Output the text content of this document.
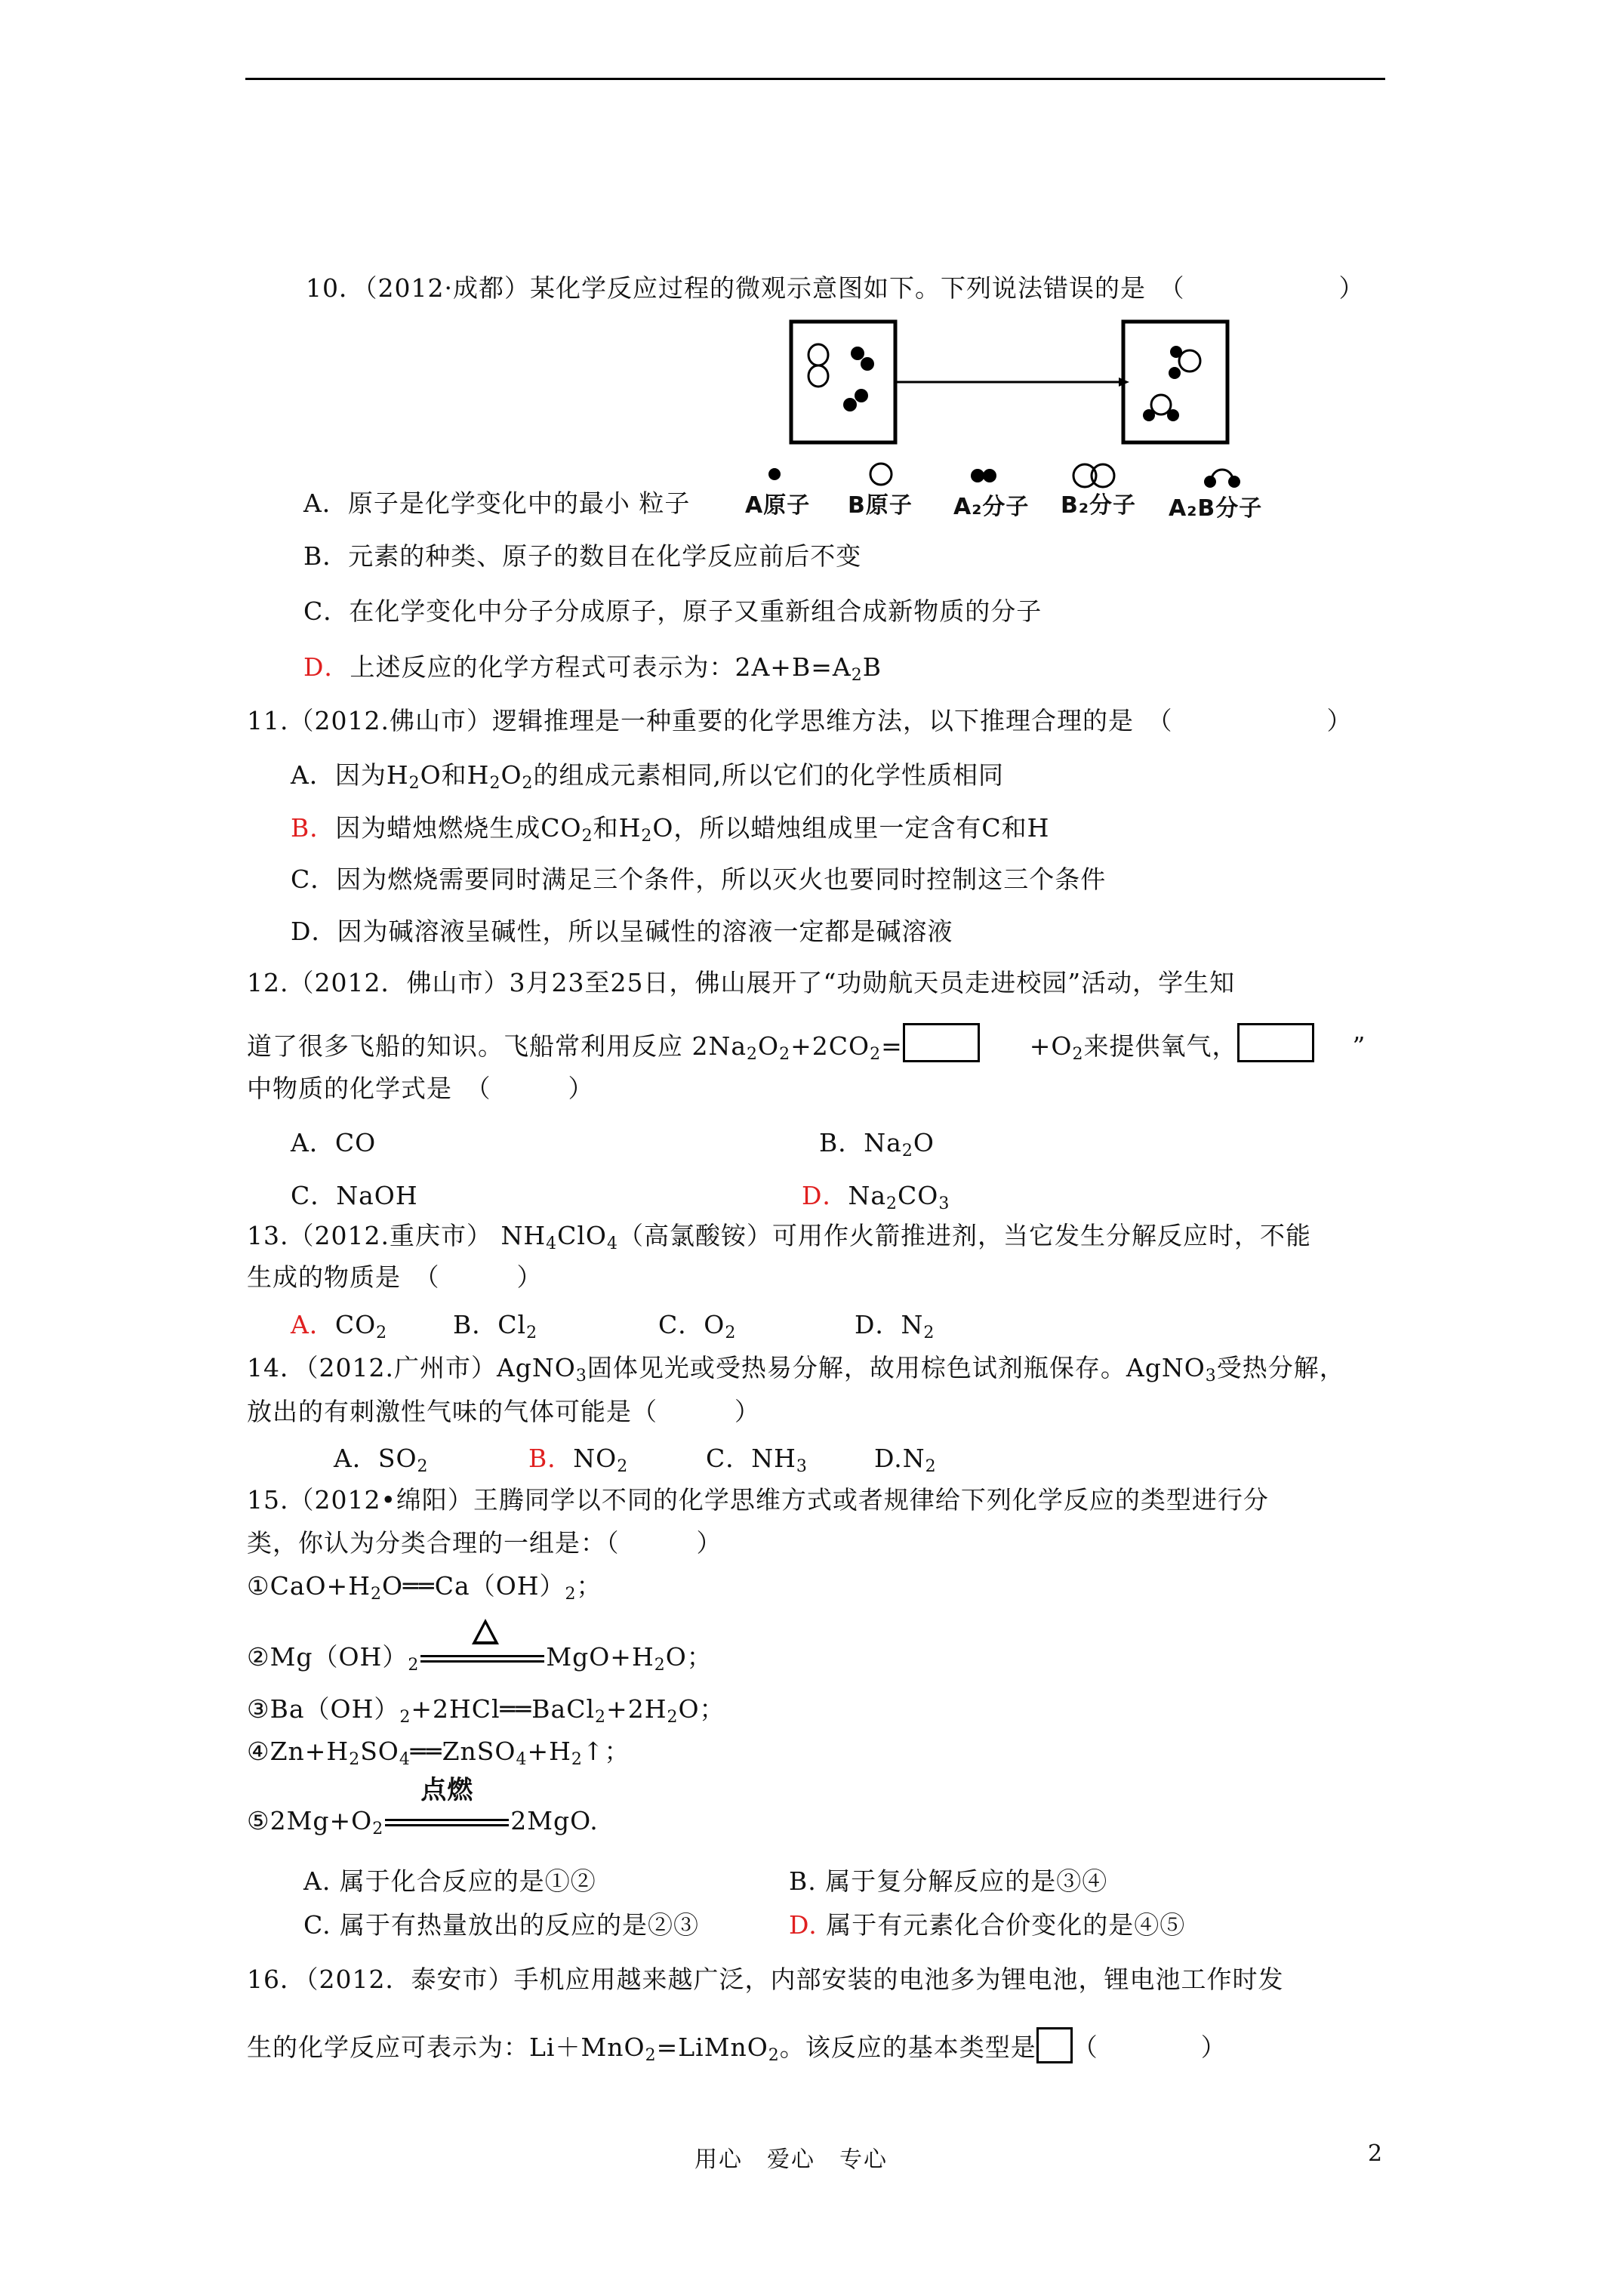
10．（2012·成都）某化学反应过程的微观示意图如下。下列说法错误的是　（　　　　　　）
A原子 B原子 A₂分子 B₂分子 A₂B分子
A．原子是化学变化中的最小 粒子
B．元素的种类、原子的数目在化学反应前后不变
C．在化学变化中分子分成原子，原子又重新组合成新物质的分子
D．上述反应的化学方程式可表示为：$2A+B=A_2B$
11.（2012.佛山市）逻辑推理是一种重要的化学思维方法，以下推理合理的是　（　　　　　　）
A．因为$H_2O$和$H_2O_2$的组成元素相同,所以它们的化学性质相同
B．因为蜡烛燃烧生成$CO_2$和$H_2O$，所以蜡烛组成里一定含有C和H
C．因为燃烧需要同时满足三个条件，所以灭火也要同时控制这三个条件
D．因为碱溶液呈碱性，所以呈碱性的溶液一定都是碱溶液
12.（2012．佛山市）3月23至25日，佛山展开了“功勋航天员走进校园”活动，学生知
道了很多飞船的知识。飞船常利用反应 $2Na_2O_2+2CO_2=$	$+O_2$来提供氧气，	”
中物质的化学式是　（　　　）
A．CO	B．$Na_2O$
C．NaOH	D．$Na_2CO_3$
13.（2012.重庆市） $NH_4ClO_4$（高氯酸铵）可用作火箭推进剂，当它发生分解反应时，不能
生成的物质是　（　　　）
A．$CO_2$	B．$Cl_2$	C．$O_2$	D．$N_2$
14．（2012.广州市）AgNO$_3$固体见光或受热易分解，故用棕色试剂瓶保存。AgNO$_3$受热分解，
放出的有刺激性气味的气体可能是（　　　）
A．$SO_2$	B．$NO_2$	C．$NH_3$	$D.N_2$
15.（2012•绵阳）王腾同学以不同的化学思维方式或者规律给下列化学反应的类型进行分
类，你认为分类合理的一组是：（　　　）
$①CaO+H_2O══Ca(OH)_2$；
$②Mg(OH)_2$	$MgO+H_2O$；
$③Ba(OH)_2+2HCl══BaCl_2+2H_2O$；
$④Zn+H_2SO_4══ZnSO_4+H_2↑$；
$⑤2Mg+O_2$
点燃
2MgO.
A. 属于化合反应的是①②	B. 属于复分解反应的是③④
C. 属于有热量放出的反应的是②③	D. 属于有元素化合价变化的是④⑤
16．（2012．泰安市）手机应用越来越广泛，内部安装的电池多为锂电池，锂电池工作时发
生的化学反应可表示为：Li＋MnO$_2$=LiMnO$_2$。该反应的基本类型是 （　　　　）
用心　爱心　专心	2
